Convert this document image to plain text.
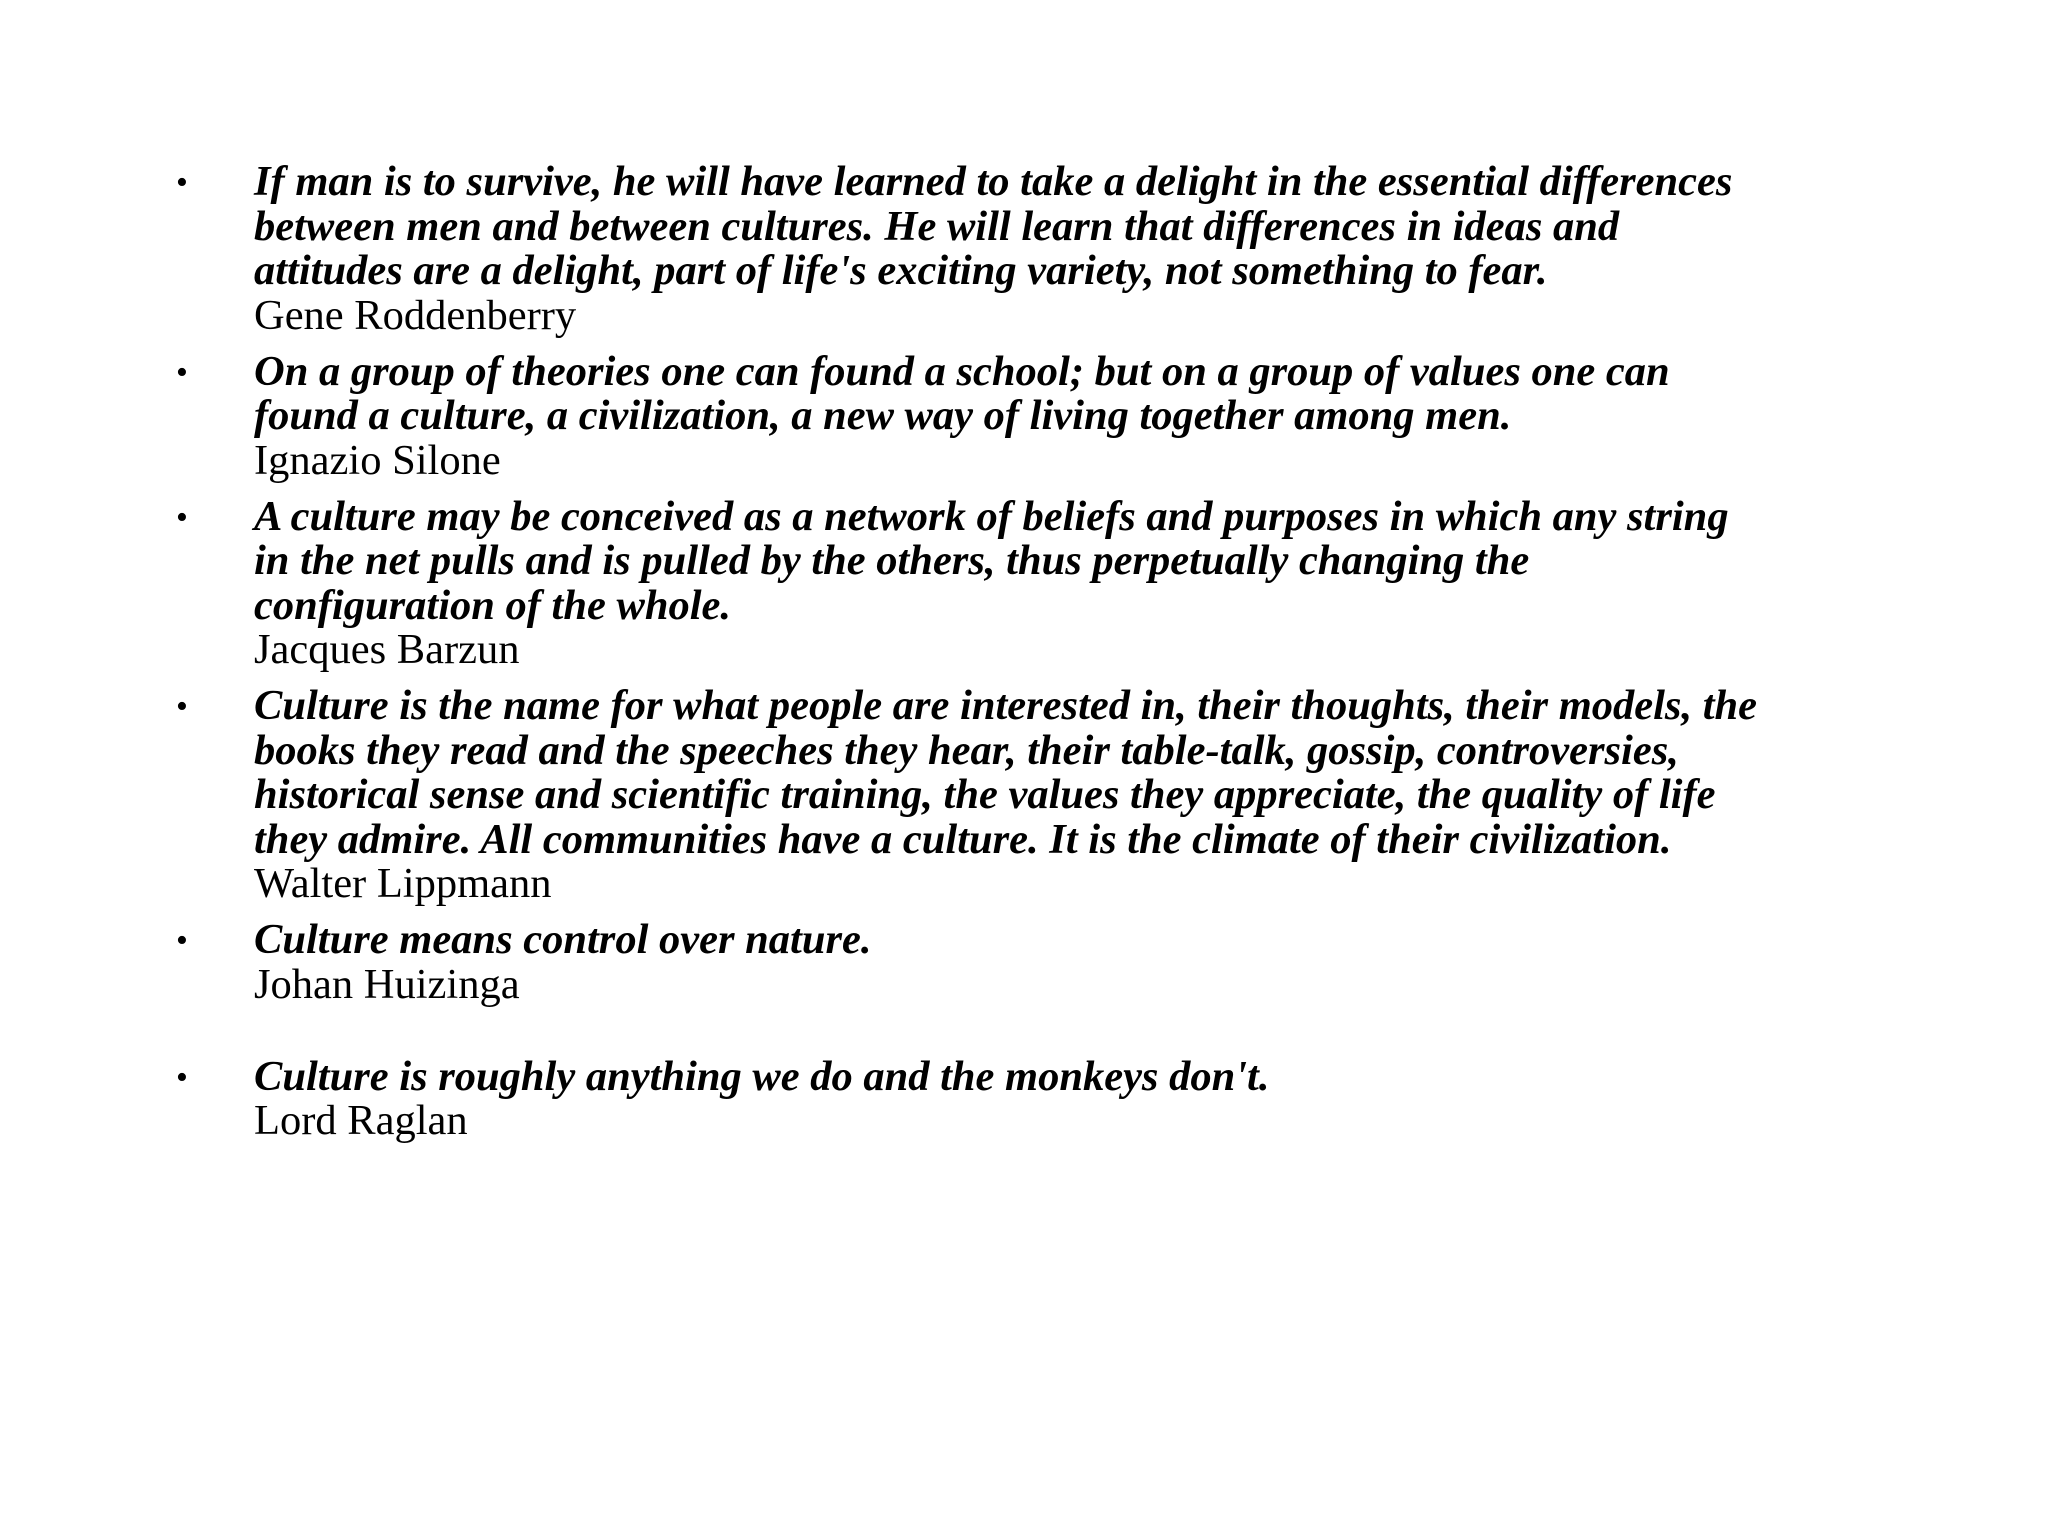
• If man is to survive, he will have learned to take a delight in the essential differences
between men and between cultures. He will learn that differences in ideas and
attitudes are a delight, part of life's exciting variety, not something to fear.
Gene Roddenberry
• On a group of theories one can found a school; but on a group of values one can
found a culture, a civilization, a new way of living together among men.
Ignazio Silone
• A culture may be conceived as a network of beliefs and purposes in which any string
in the net pulls and is pulled by the others, thus perpetually changing the
configuration of the whole.
Jacques Barzun
• Culture is the name for what people are interested in, their thoughts, their models, the
books they read and the speeches they hear, their table-talk, gossip, controversies,
historical sense and scientific training, the values they appreciate, the quality of life
they admire. All communities have a culture. It is the climate of their civilization.
Walter Lippmann
• Culture means control over nature.
Johan Huizinga
• Culture is roughly anything we do and the monkeys don't.
Lord Raglan
